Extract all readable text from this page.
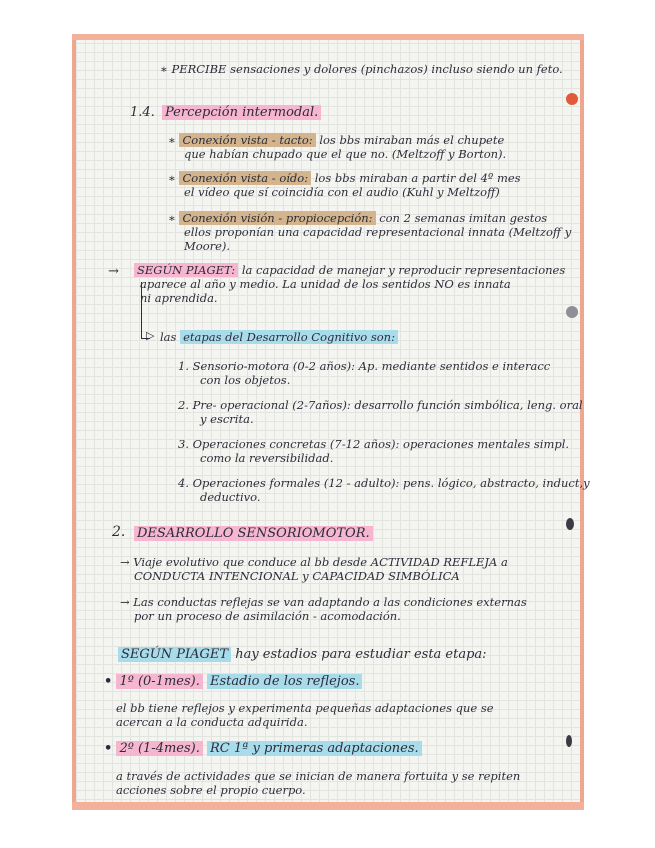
∗ PERCIBE sensaciones y dolores (pinchazos) incluso siendo un feto.
1.4. Percepción intermodal.
∗ Conexión vista - tacto: los bbs miraban más el chupete
que habían chupado que el que no. (Meltzoff y Borton).
∗ Conexión vista - oído: los bbs miraban a partir del 4º mes
el vídeo que sí coincidía con el audio (Kuhl y Meltzoff)
∗ Conexión visión - propiocepción: con 2 semanas imitan gestos
ellos proponían una capacidad representacional innata (Meltzoff y
Moore).
→ SEGÚN PIAGET: la capacidad de manejar y reproducir representaciones
aparece al año y medio. La unidad de los sentidos NO es innata
ni aprendida.
▷ las etapas del Desarrollo Cognitivo son:
1. Sensorio-motora (0-2 años): Ap. mediante sentidos e interacc
con los objetos.
2. Pre- operacional (2-7años): desarrollo función simbólica, leng. oral
y escrita.
3. Operaciones concretas (7-12 años): operaciones mentales simpl.
como la reversibilidad.
4. Operaciones formales (12 - adulto): pens. lógico, abstracto, induct,y
deductivo.
2. DESARROLLO SENSORIOMOTOR.
→ Viaje evolutivo que conduce al bb desde ACTIVIDAD REFLEJA a
CONDUCTA INTENCIONAL y CAPACIDAD SIMBÓLICA
→ Las conductas reflejas se van adaptando a las condiciones externas
por un proceso de asimilación - acomodación.
SEGÚN PIAGET hay estadios para estudiar esta etapa:
• 1º (0-1mes). Estadio de los reflejos.
el bb tiene reflejos y experimenta pequeñas adaptaciones que se
acercan a la conducta adquirida.
• 2º (1-4mes). RC 1ª y primeras adaptaciones.
a través de actividades que se inician de manera fortuita y se repiten
acciones sobre el propio cuerpo.
